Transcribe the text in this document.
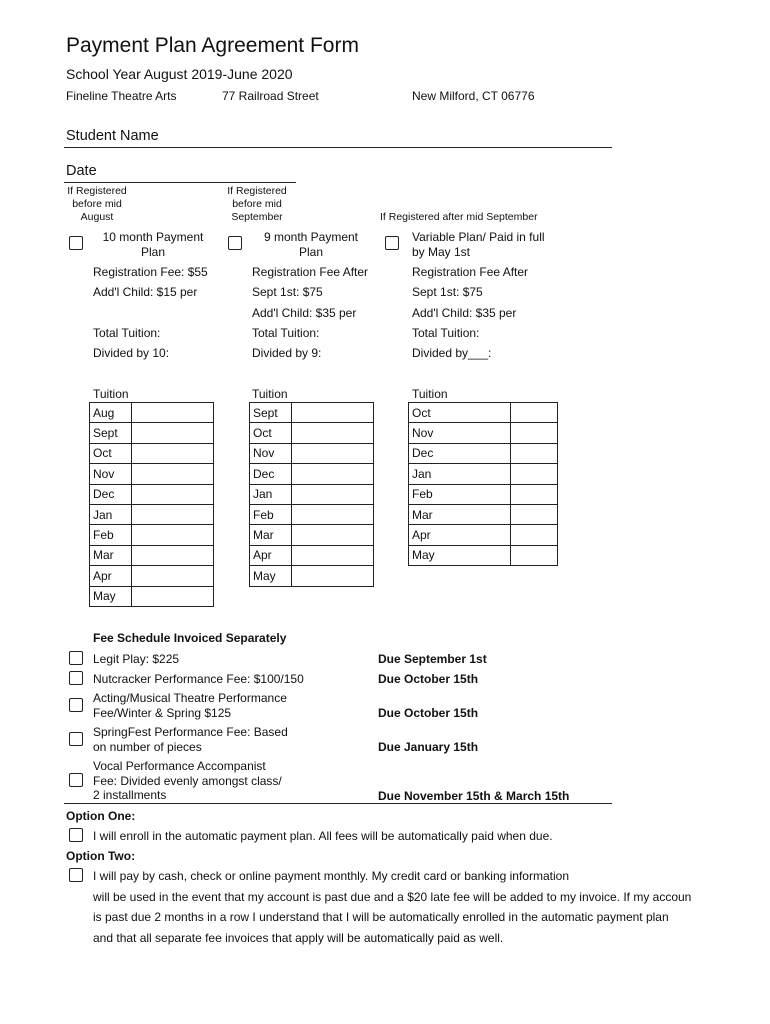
Payment Plan Agreement Form
School Year August 2019-June 2020
Fineline Theatre Arts	77 Railroad Street	New Milford, CT 06776
Student Name
Date
If Registered
before mid
August
10 month Payment
Plan
Registration Fee: $55
Add'l Child: $15 per
Total Tuition:
Divided by 10:
Tuition
Aug	
Sept	
Oct	
Nov	
Dec	
Jan	
Feb	
Mar	
Apr	
May	
If Registered
before mid
September
9 month Payment
Plan
Registration Fee After
Sept 1st: $75
Add'l Child: $35 per
Total Tuition:
Divided by 9:
Tuition
Sept	
Oct	
Nov	
Dec	
Jan	
Feb	
Mar	
Apr	
May	
If Registered after mid September
Variable Plan/ Paid in full
by May 1st
Registration Fee After
Sept 1st: $75
Add'l Child: $35 per
Total Tuition:
Divided by___:
Tuition
Oct	
Nov	
Dec	
Jan	
Feb	
Mar	
Apr	
May	
Fee Schedule Invoiced Separately
Legit Play: $225	Due September 1st
Nutcracker Performance Fee: $100/150	Due October 15th
Acting/Musical Theatre Performance
Fee/Winter & Spring $125	Due October 15th
SpringFest Performance Fee: Based
on number of pieces	Due January 15th
Vocal Performance Accompanist
Fee: Divided evenly amongst class/
2 installments	Due November 15th & March 15th
Option One:
I will enroll in the automatic payment plan. All fees will be automatically paid when due.
Option Two:
I will pay by cash, check or online payment monthly. My credit card or banking information
will be used in the event that my account is past due and a $20 late fee will be added to my invoice. If my accoun
is past due 2 months in a row I understand that I will be automatically enrolled in the automatic payment plan
and that all separate fee invoices that apply will be automatically paid as well.
